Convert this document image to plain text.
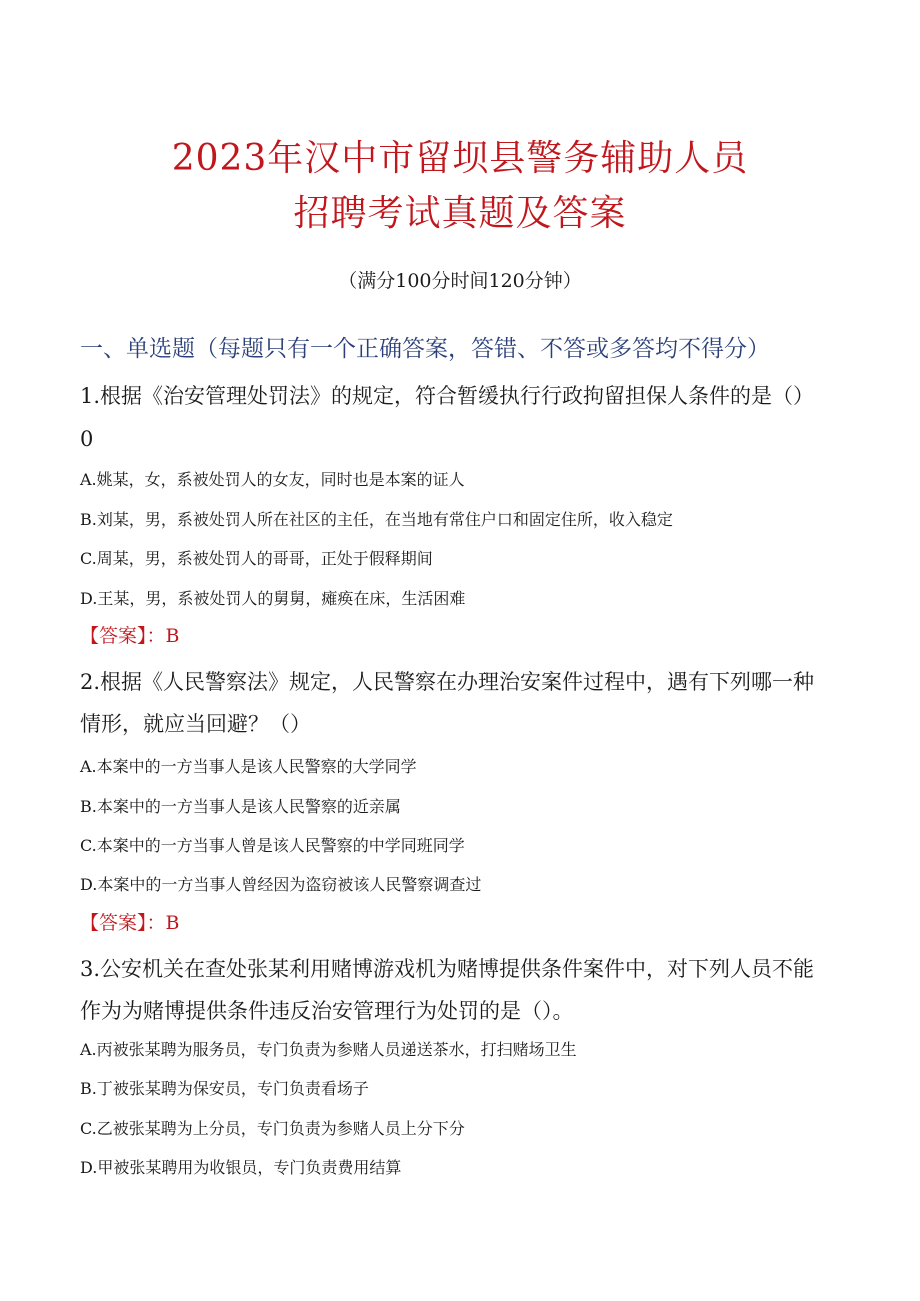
2023年汉中市留坝县警务辅助人员
招聘考试真题及答案
（满分100分时间120分钟）
一、单选题（每题只有一个正确答案，答错、不答或多答均不得分）
1.根据《治安管理处罚法》的规定，符合暂缓执行行政拘留担保人条件的是（）
0
A.姚某，女，系被处罚人的女友，同时也是本案的证人
B.刘某，男，系被处罚人所在社区的主任，在当地有常住户口和固定住所，收入稳定
C.周某，男，系被处罚人的哥哥，正处于假释期间
D.王某，男，系被处罚人的舅舅，瘫痪在床，生活困难
【答案】：B
2.根据《人民警察法》规定，人民警察在办理治安案件过程中，遇有下列哪一种
情形，就应当回避？（）
A.本案中的一方当事人是该人民警察的大学同学
B.本案中的一方当事人是该人民警察的近亲属
C.本案中的一方当事人曾是该人民警察的中学同班同学
D.本案中的一方当事人曾经因为盗窃被该人民警察调查过
【答案】：B
3.公安机关在查处张某利用赌博游戏机为赌博提供条件案件中，对下列人员不能
作为为赌博提供条件违反治安管理行为处罚的是（）。
A.丙被张某聘为服务员，专门负责为参赌人员递送茶水，打扫赌场卫生
B.丁被张某聘为保安员，专门负责看场子
C.乙被张某聘为上分员，专门负责为参赌人员上分下分
D.甲被张某聘用为收银员，专门负责费用结算
